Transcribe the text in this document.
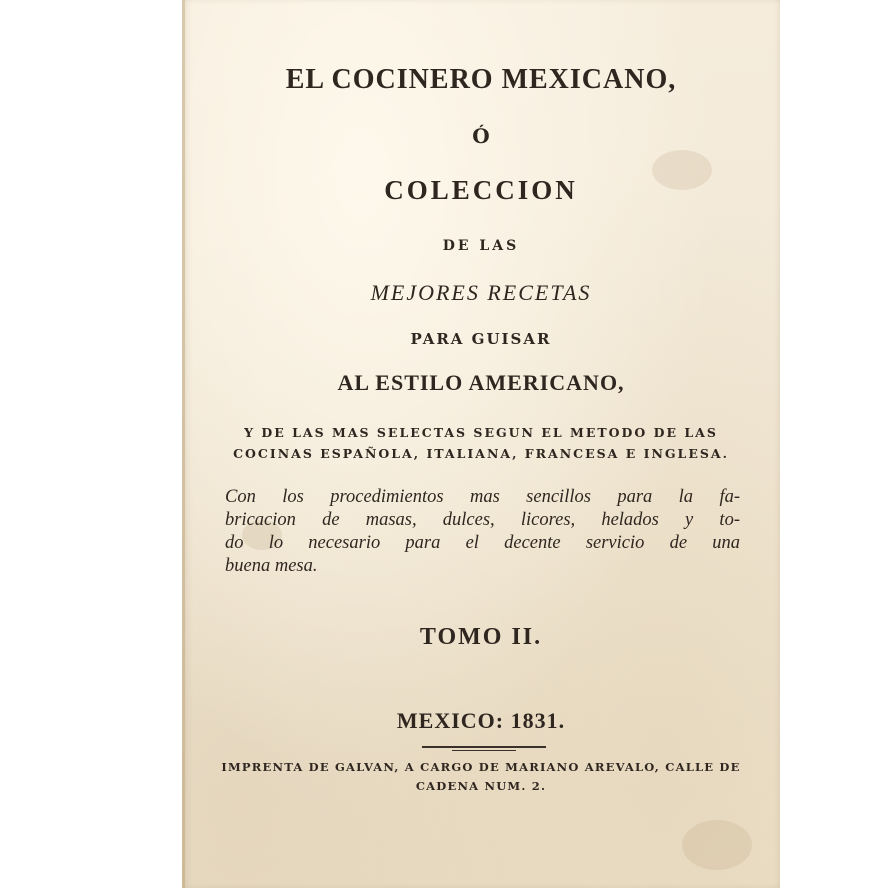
EL COCINERO MEXICANO,
Ó
COLECCION
DE LAS
MEJORES RECETAS
PARA GUISAR
AL ESTILO AMERICANO,
Y DE LAS MAS SELECTAS SEGUN EL METODO DE LAS
COCINAS ESPAÑOLA, ITALIANA, FRANCESA E INGLESA.
Con los procedimientos mas sencillos para la fa-
bricacion de masas, dulces, licores, helados y to-
do lo necesario para el decente servicio de una
buena mesa.
TOMO II.
MEXICO: 1831.
IMPRENTA DE GALVAN, A CARGO DE MARIANO AREVALO, CALLE DE
CADENA NUM. 2.
